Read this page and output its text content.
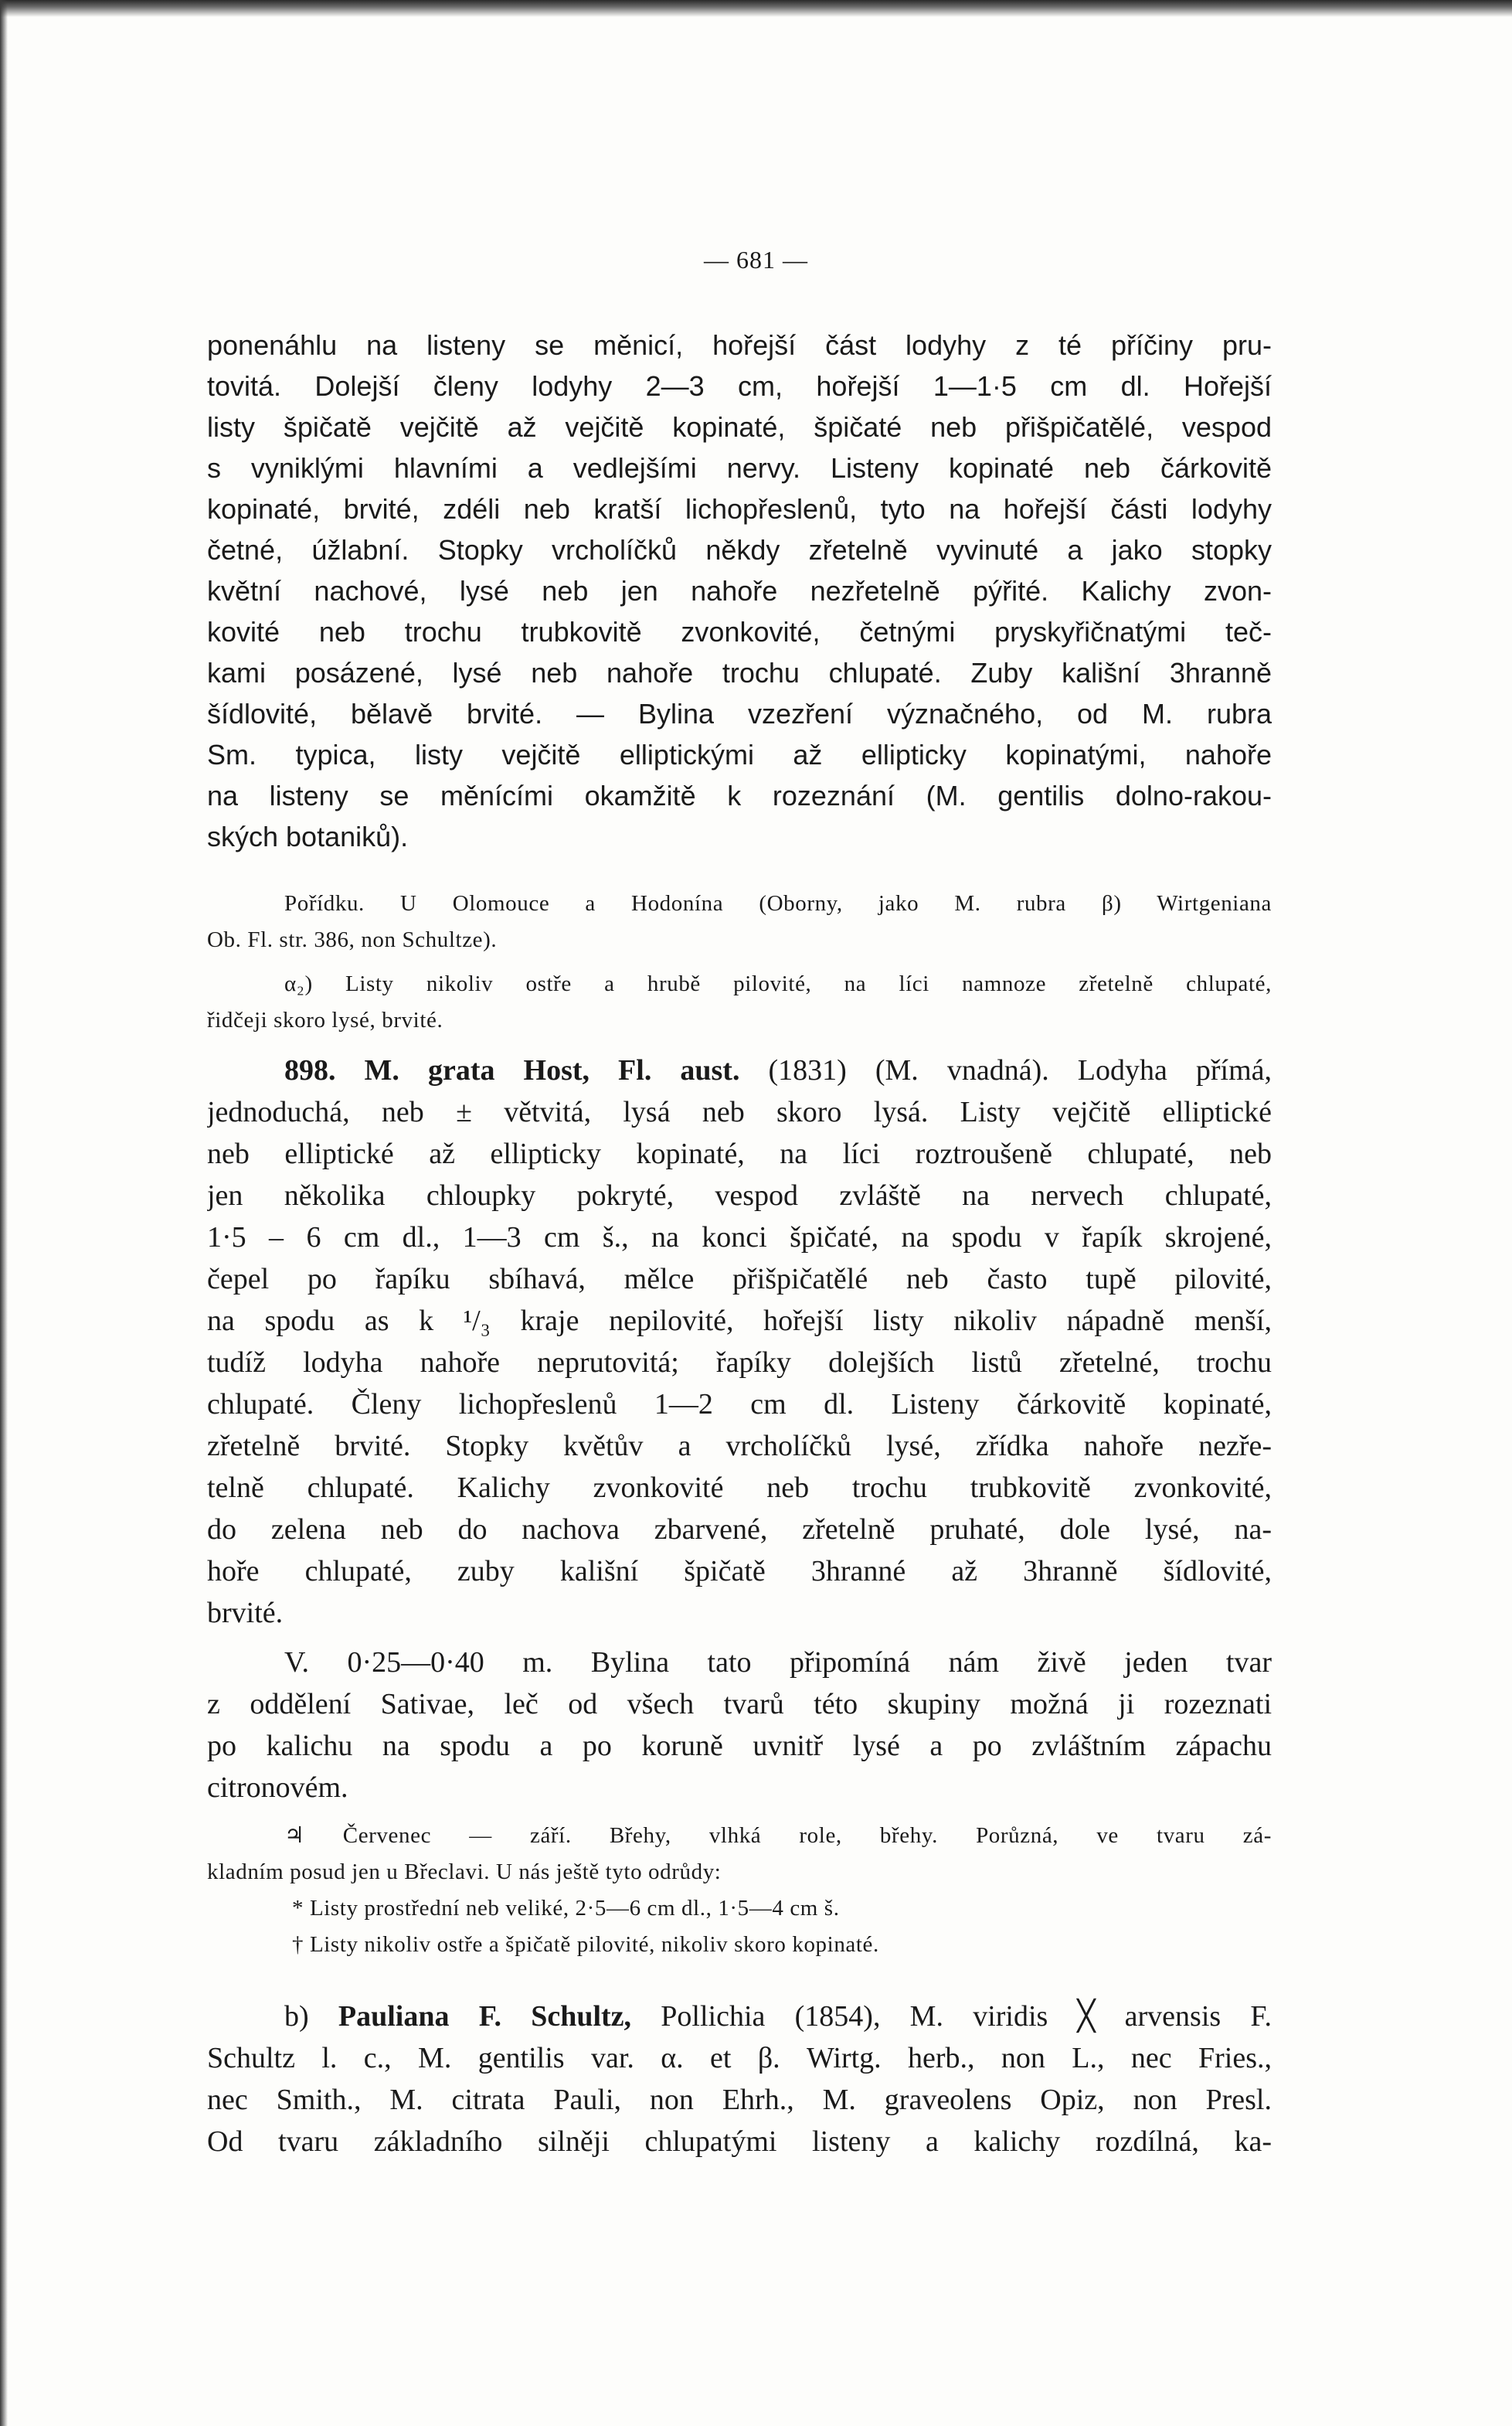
— 681 —
ponenáhlu na listeny se měnicí, hořejší část lodyhy z té příčiny pru-
tovitá. Dolejší členy lodyhy 2—3 cm, hořejší 1—1·5 cm dl. Hořejší
listy špičatě vejčitě až vejčitě kopinaté, špičaté neb přišpičatělé, vespod
s vyniklými hlavními a vedlejšími nervy. Listeny kopinaté neb čárkovitě
kopinaté, brvité, zdéli neb kratší lichopřeslenů, tyto na hořejší části lodyhy
četné, úžlabní. Stopky vrcholíčků někdy zřetelně vyvinuté a jako stopky
květní nachové, lysé neb jen nahoře nezřetelně pýřité. Kalichy zvon-
kovité neb trochu trubkovitě zvonkovité, četnými pryskyřičnatými teč-
kami posázené, lysé neb nahoře trochu chlupaté. Zuby kališní 3hranně
šídlovité, bělavě brvité. — Bylina vzezření význačného, od M. rubra
Sm. typica, listy vejčitě elliptickými až ellipticky kopinatými, nahoře
na listeny se měnícími okamžitě k rozeznání (M. gentilis dolno-rakou-
ských botaniků).
Pořídku. U Olomouce a Hodonína (Oborny, jako M. rubra β) Wirtgeniana
Ob. Fl. str. 386, non Schultze).
α₂) Listy nikoliv ostře a hrubě pilovité, na líci namnoze zřetelně chlupaté,
řidčeji skoro lysé, brvité.
898. M. grata Host, Fl. aust. (1831) (M. vnadná). Lodyha přímá,
jednoduchá, neb ± větvitá, lysá neb skoro lysá. Listy vejčitě elliptické
neb elliptické až ellipticky kopinaté, na líci roztroušeně chlupaté, neb
jen několika chloupky pokryté, vespod zvláště na nervech chlupaté,
1·5 – 6 cm dl., 1—3 cm š., na konci špičaté, na spodu v řapík skrojené,
čepel po řapíku sbíhavá, mělce přišpičatělé neb často tupě pilovité,
na spodu as k ¹/₃ kraje nepilovité, hořejší listy nikoliv nápadně menší,
tudíž lodyha nahoře neprutovitá; řapíky dolejších listů zřetelné, trochu
chlupaté. Členy lichopřeslenů 1—2 cm dl. Listeny čárkovitě kopinaté,
zřetelně brvité. Stopky květův a vrcholíčků lysé, zřídka nahoře nezře-
telně chlupaté. Kalichy zvonkovité neb trochu trubkovitě zvonkovité,
do zelena neb do nachova zbarvené, zřetelně pruhaté, dole lysé, na-
hoře chlupaté, zuby kališní špičatě 3hranné až 3hranně šídlovité,
brvité.
V. 0·25—0·40 m. Bylina tato připomíná nám živě jeden tvar
z oddělení Sativae, leč od všech tvarů této skupiny možná ji rozeznati
po kalichu na spodu a po koruně uvnitř lysé a po zvláštním zápachu
citronovém.
♃ Červenec — září. Břehy, vlhká role, břehy. Porůzná, ve tvaru zá-
kladním posud jen u Břeclavi. U nás ještě tyto odrůdy:
* Listy prostřední neb veliké, 2·5—6 cm dl., 1·5—4 cm š.
† Listy nikoliv ostře a špičatě pilovité, nikoliv skoro kopinaté.
b) Pauliana F. Schultz, Pollichia (1854), M. viridis ╳ arvensis F.
Schultz l. c., M. gentilis var. α. et β. Wirtg. herb., non L., nec Fries.,
nec Smith., M. citrata Pauli, non Ehrh., M. graveolens Opiz, non Presl.
Od tvaru základního silněji chlupatými listeny a kalichy rozdílná, ka-
